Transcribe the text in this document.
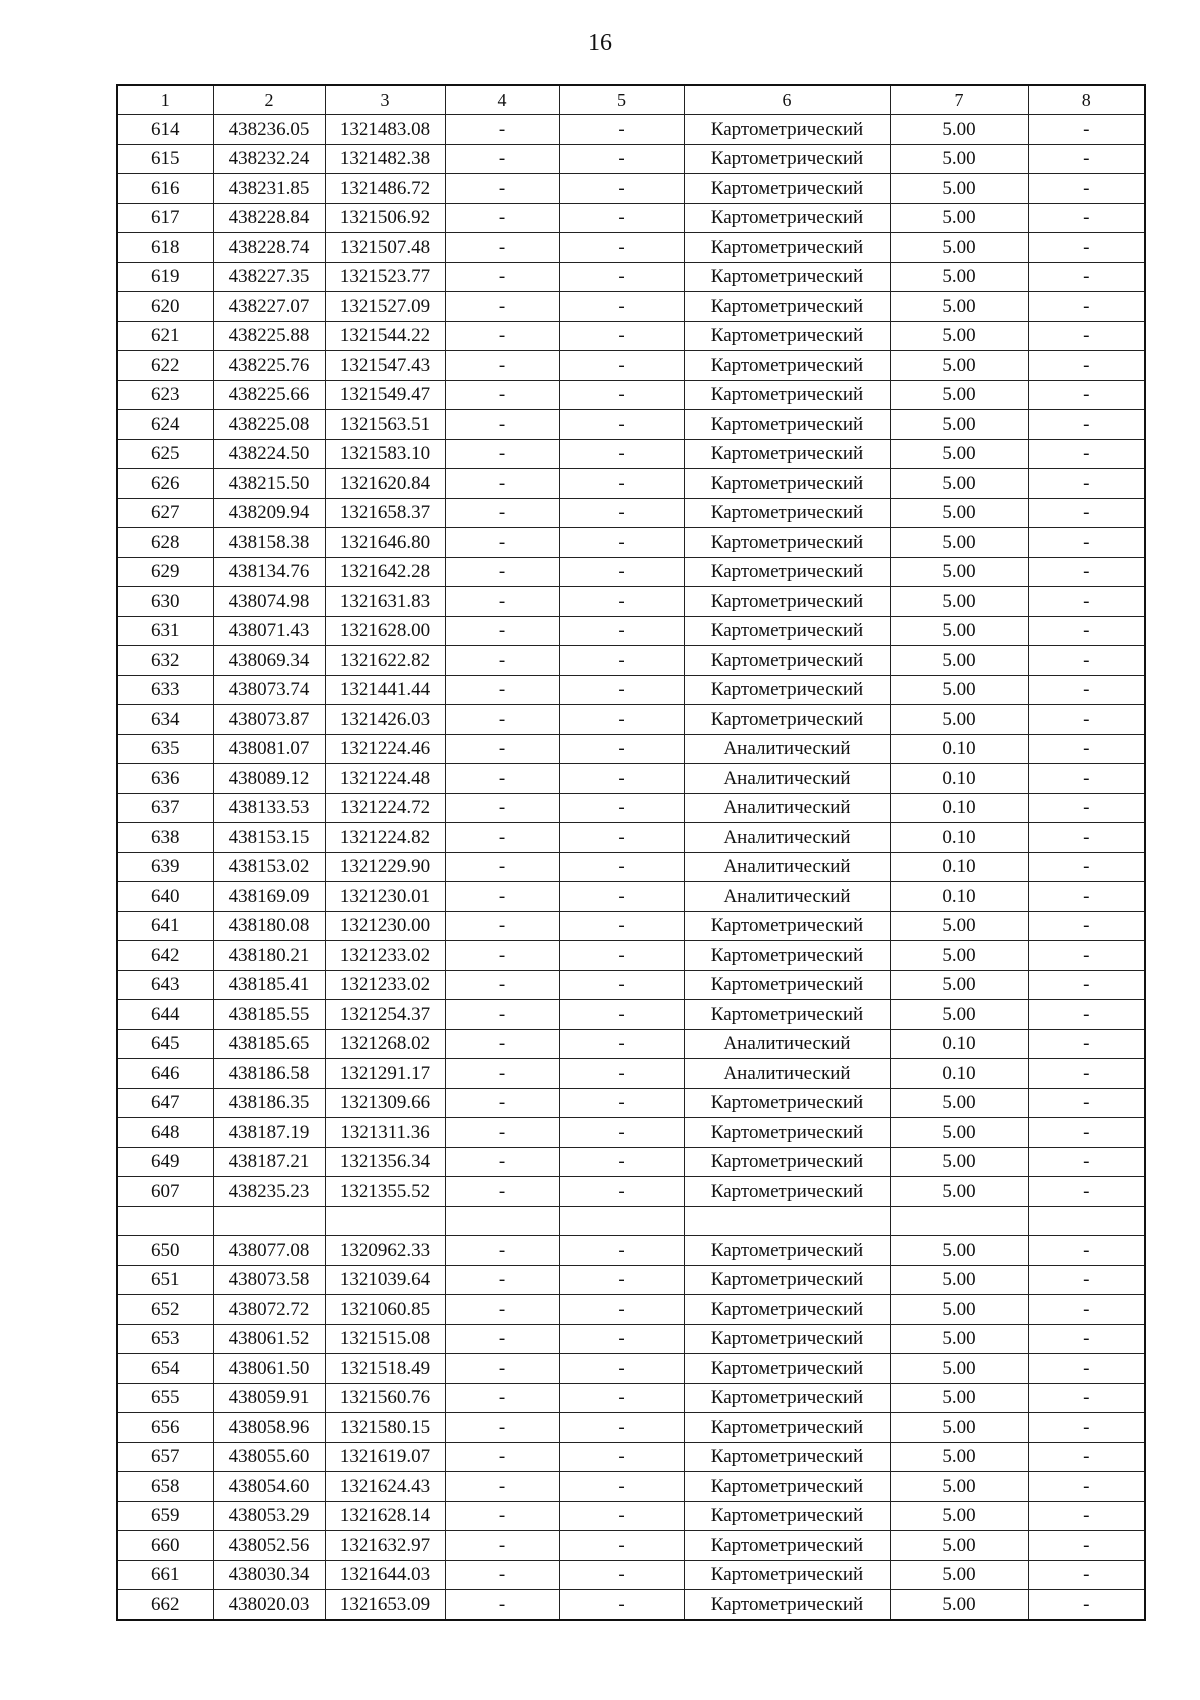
16
1	2	3	4	5	6	7	8
614	438236.05	1321483.08	-	-	Картометрический	5.00	-
615	438232.24	1321482.38	-	-	Картометрический	5.00	-
616	438231.85	1321486.72	-	-	Картометрический	5.00	-
617	438228.84	1321506.92	-	-	Картометрический	5.00	-
618	438228.74	1321507.48	-	-	Картометрический	5.00	-
619	438227.35	1321523.77	-	-	Картометрический	5.00	-
620	438227.07	1321527.09	-	-	Картометрический	5.00	-
621	438225.88	1321544.22	-	-	Картометрический	5.00	-
622	438225.76	1321547.43	-	-	Картометрический	5.00	-
623	438225.66	1321549.47	-	-	Картометрический	5.00	-
624	438225.08	1321563.51	-	-	Картометрический	5.00	-
625	438224.50	1321583.10	-	-	Картометрический	5.00	-
626	438215.50	1321620.84	-	-	Картометрический	5.00	-
627	438209.94	1321658.37	-	-	Картометрический	5.00	-
628	438158.38	1321646.80	-	-	Картометрический	5.00	-
629	438134.76	1321642.28	-	-	Картометрический	5.00	-
630	438074.98	1321631.83	-	-	Картометрический	5.00	-
631	438071.43	1321628.00	-	-	Картометрический	5.00	-
632	438069.34	1321622.82	-	-	Картометрический	5.00	-
633	438073.74	1321441.44	-	-	Картометрический	5.00	-
634	438073.87	1321426.03	-	-	Картометрический	5.00	-
635	438081.07	1321224.46	-	-	Аналитический	0.10	-
636	438089.12	1321224.48	-	-	Аналитический	0.10	-
637	438133.53	1321224.72	-	-	Аналитический	0.10	-
638	438153.15	1321224.82	-	-	Аналитический	0.10	-
639	438153.02	1321229.90	-	-	Аналитический	0.10	-
640	438169.09	1321230.01	-	-	Аналитический	0.10	-
641	438180.08	1321230.00	-	-	Картометрический	5.00	-
642	438180.21	1321233.02	-	-	Картометрический	5.00	-
643	438185.41	1321233.02	-	-	Картометрический	5.00	-
644	438185.55	1321254.37	-	-	Картометрический	5.00	-
645	438185.65	1321268.02	-	-	Аналитический	0.10	-
646	438186.58	1321291.17	-	-	Аналитический	0.10	-
647	438186.35	1321309.66	-	-	Картометрический	5.00	-
648	438187.19	1321311.36	-	-	Картометрический	5.00	-
649	438187.21	1321356.34	-	-	Картометрический	5.00	-
607	438235.23	1321355.52	-	-	Картометрический	5.00	-

650	438077.08	1320962.33	-	-	Картометрический	5.00	-
651	438073.58	1321039.64	-	-	Картометрический	5.00	-
652	438072.72	1321060.85	-	-	Картометрический	5.00	-
653	438061.52	1321515.08	-	-	Картометрический	5.00	-
654	438061.50	1321518.49	-	-	Картометрический	5.00	-
655	438059.91	1321560.76	-	-	Картометрический	5.00	-
656	438058.96	1321580.15	-	-	Картометрический	5.00	-
657	438055.60	1321619.07	-	-	Картометрический	5.00	-
658	438054.60	1321624.43	-	-	Картометрический	5.00	-
659	438053.29	1321628.14	-	-	Картометрический	5.00	-
660	438052.56	1321632.97	-	-	Картометрический	5.00	-
661	438030.34	1321644.03	-	-	Картометрический	5.00	-
662	438020.03	1321653.09	-	-	Картометрический	5.00	-
